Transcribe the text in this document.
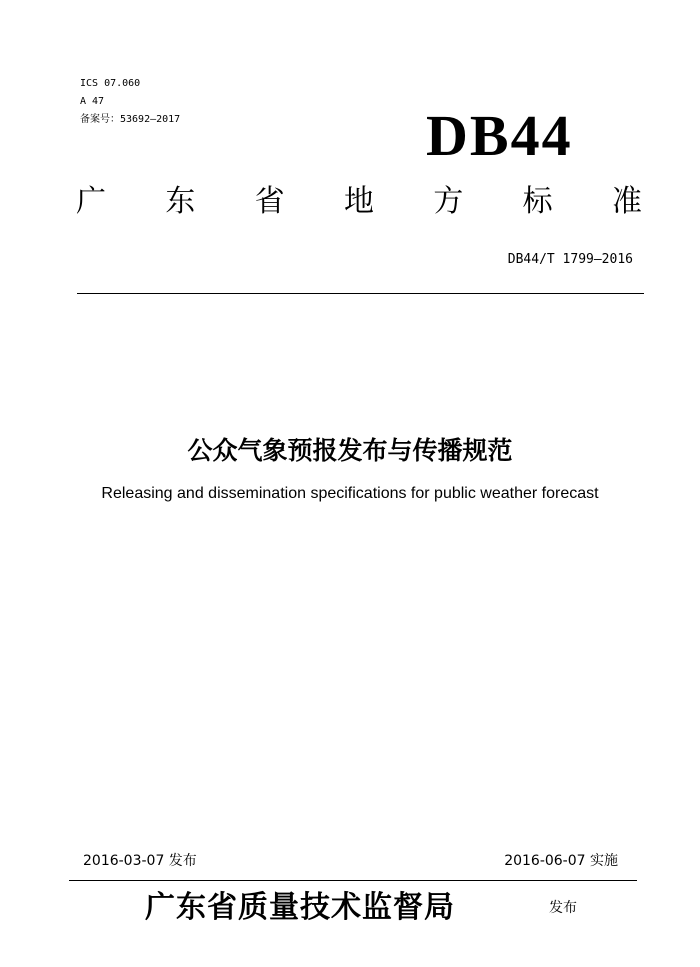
ICS 07.060
A 47
备案号：53692—2017	DB44
广 东 省 地 方 标 准
DB44/T 1799—2016
公众气象预报发布与传播规范
Releasing and dissemination specifications for public weather forecast
2016-03-07 发布	2016-06-07 实施
广东省质量技术监督局	发布
